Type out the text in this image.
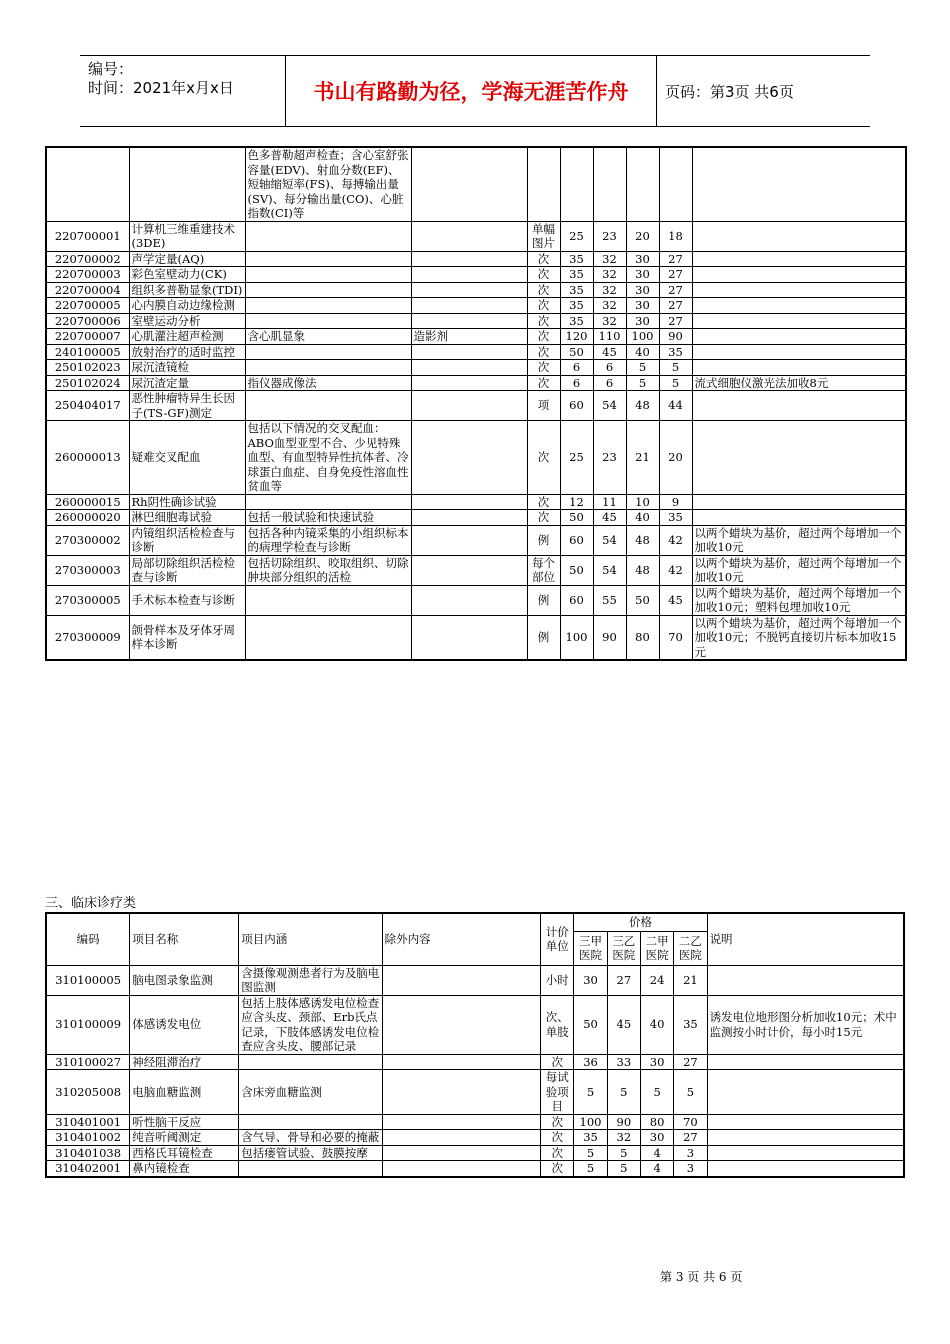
编号：
时间：2021年x月x日	书山有路勤为径，学海无涯苦作舟	页码：第3页 共6页
		色多普勒超声检查；含心室舒张容量(EDV)、射血分数(EF)、短轴缩短率(FS)、每搏输出量(SV)、每分输出量(CO)、心脏指数(CI)等							
220700001	计算机三维重建技术(3DE)			单幅图片	25	23	20	18	
220700002	声学定量(AQ)			次	35	32	30	27	
220700003	彩色室壁动力(CK)			次	35	32	30	27	
220700004	组织多普勒显象(TDI)			次	35	32	30	27	
220700005	心内膜自动边缘检测			次	35	32	30	27	
220700006	室壁运动分析			次	35	32	30	27	
220700007	心肌灌注超声检测	含心肌显象	造影剂	次	120	110	100	90	
240100005	放射治疗的适时监控			次	50	45	40	35	
250102023	尿沉渣镜检			次	6	6	5	5	
250102024	尿沉渣定量	指仪器成像法		次	6	6	5	5	流式细胞仪激光法加收8元
250404017	恶性肿瘤特异生长因子(TS-GF)测定			项	60	54	48	44	
260000013	疑难交叉配血	包括以下情况的交叉配血：ABO血型亚型不合、少见特殊血型、有血型特异性抗体者、冷球蛋白血症、自身免疫性溶血性贫血等		次	25	23	21	20	
260000015	Rh阴性确诊试验			次	12	11	10	9	
260000020	淋巴细胞毒试验	包括一般试验和快速试验		次	50	45	40	35	
270300002	内镜组织活检检查与诊断	包括各种内镜采集的小组织标本的病理学检查与诊断		例	60	54	48	42	以两个蜡块为基价，超过两个每增加一个加收10元
270300003	局部切除组织活检检查与诊断	包括切除组织、咬取组织、切除肿块部分组织的活检		每个部位	50	54	48	42	以两个蜡块为基价，超过两个每增加一个加收10元
270300005	手术标本检查与诊断			例	60	55	50	45	以两个蜡块为基价，超过两个每增加一个加收10元；塑料包埋加收10元
270300009	颌骨样本及牙体牙周样本诊断			例	100	90	80	70	以两个蜡块为基价，超过两个每增加一个加收10元；不脱钙直接切片标本加收15元
三、临床诊疗类
编码	项目名称	项目内涵	除外内容	计价单位	价格				说明
					三甲医院	三乙医院	二甲医院	二乙医院	
310100005	脑电图录象监测	含摄像观测患者行为及脑电图监测		小时	30	27	24	21	
310100009	体感诱发电位	包括上肢体感诱发电位检查应含头皮、颈部、Erb氏点记录，下肢体感诱发电位检查应含头皮、腰部记录		次、单肢	50	45	40	35	诱发电位地形图分析加收10元；术中监测按小时计价，每小时15元
310100027	神经阻滞治疗			次	36	33	30	27	
310205008	电脑血糖监测	含床旁血糖监测		每试验项目	5	5	5	5	
310401001	听性脑干反应			次	100	90	80	70	
310401002	纯音听阈测定	含气导、骨导和必要的掩蔽		次	35	32	30	27	
310401038	西格氏耳镜检查	包括瘘管试验、鼓膜按摩		次	5	5	4	3	
310402001	鼻内镜检查			次	5	5	4	3	
第 3 页 共 6 页
